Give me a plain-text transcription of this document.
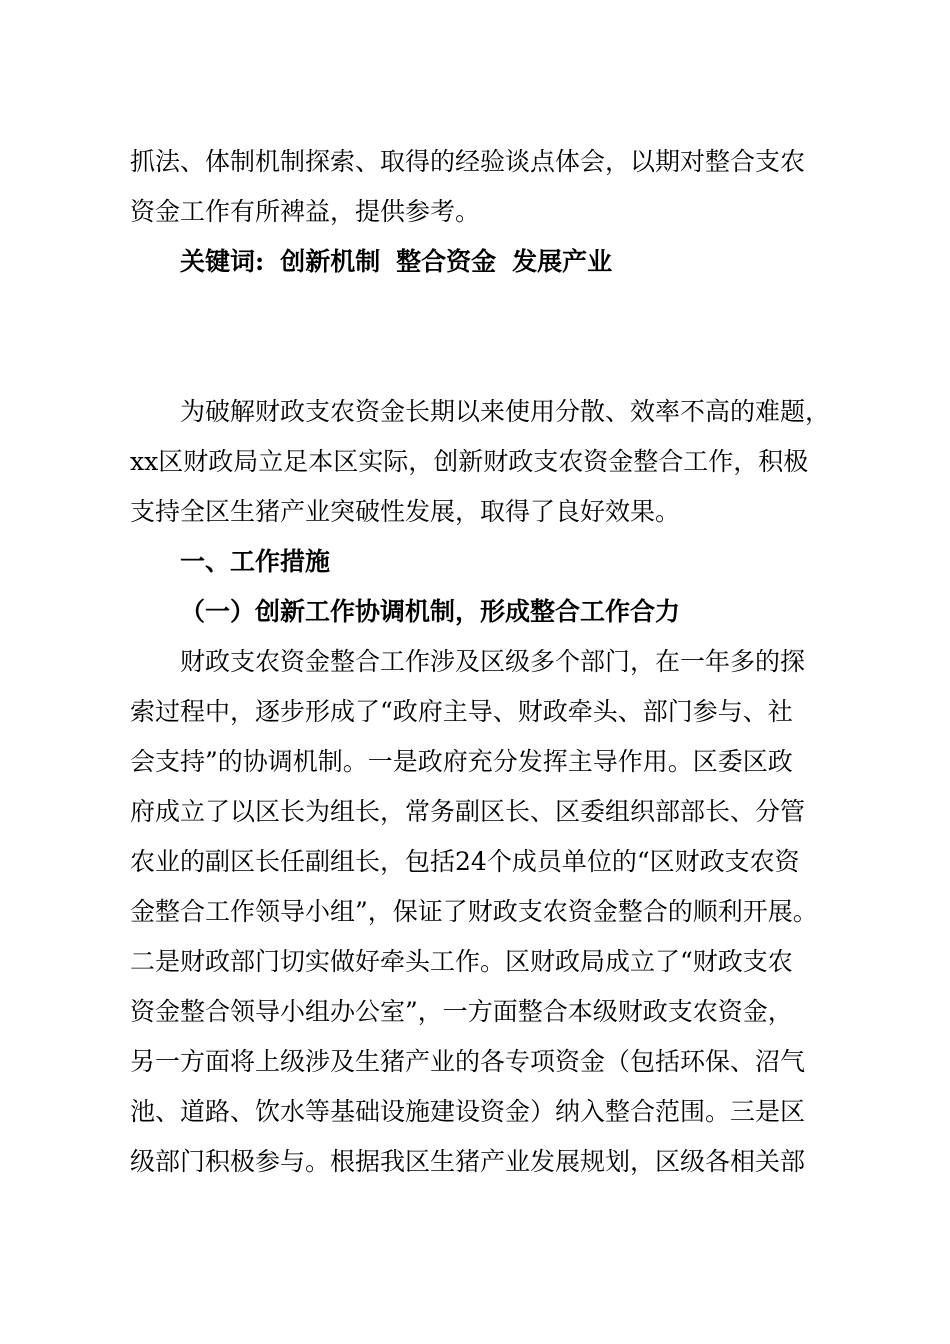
抓法、体制机制探索、取得的经验谈点体会，以期对整合支农
资金工作有所裨益，提供参考。
关键词: 创新机制 整合资金 发展产业
为破解财政支农资金长期以来使用分散、效率不高的难题，
xx区财政局立足本区实际，创新财政支农资金整合工作，积极
支持全区生猪产业突破性发展，取得了良好效果。
一、工作措施
（一）创新工作协调机制，形成整合工作合力
财政支农资金整合工作涉及区级多个部门，在一年多的探
索过程中，逐步形成了“政府主导、财政牵头、部门参与、社
会支持”的协调机制。一是政府充分发挥主导作用。区委区政
府成立了以区长为组长，常务副区长、区委组织部部长、分管
农业的副区长任副组长，包括24个成员单位的“区财政支农资
金整合工作领导小组”，保证了财政支农资金整合的顺利开展。
二是财政部门切实做好牵头工作。区财政局成立了“财政支农
资金整合领导小组办公室”，一方面整合本级财政支农资金，
另一方面将上级涉及生猪产业的各专项资金（包括环保、沼气
池、道路、饮水等基础设施建设资金）纳入整合范围。三是区
级部门积极参与。根据我区生猪产业发展规划，区级各相关部
